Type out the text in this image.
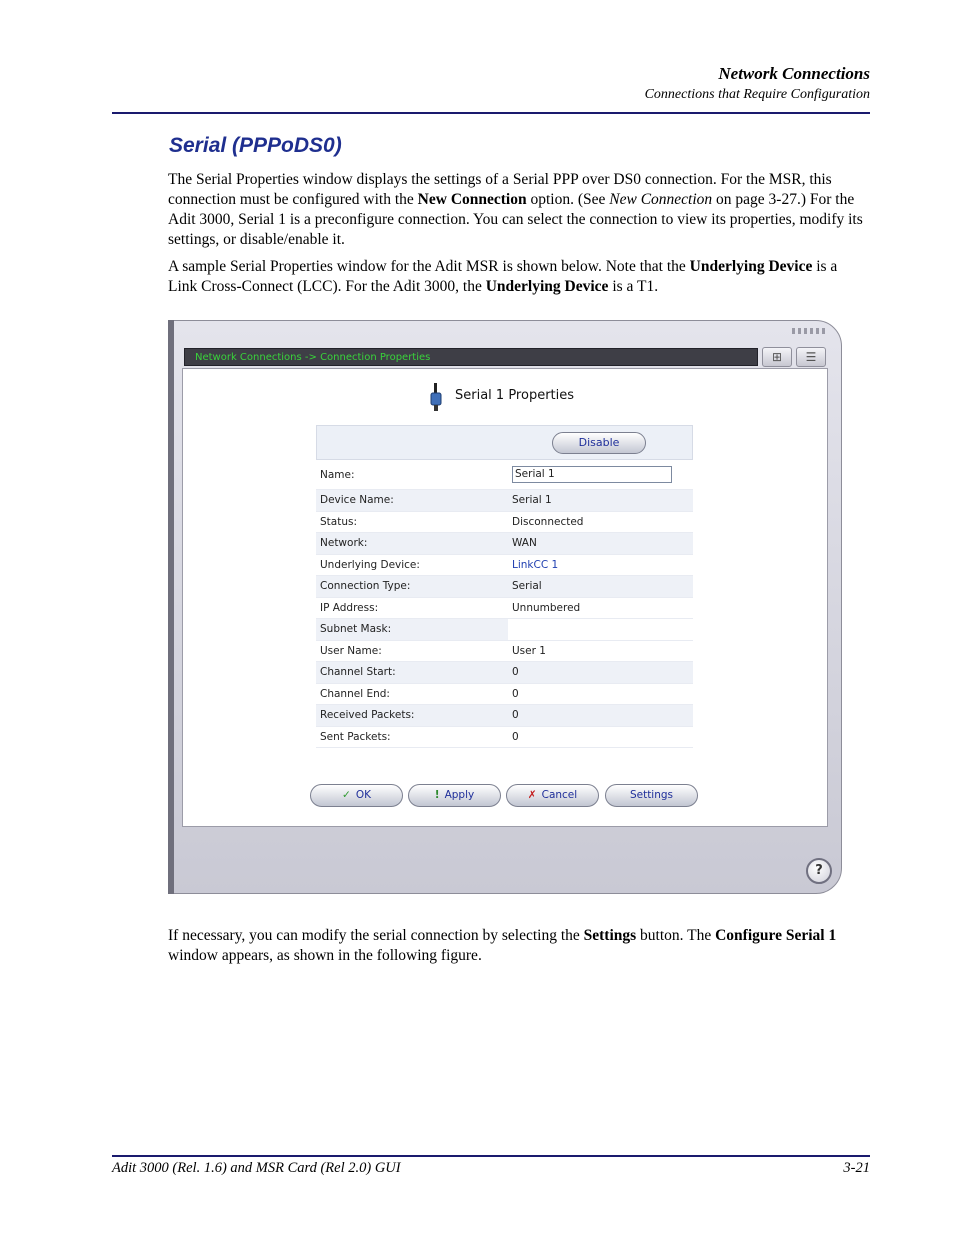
Network Connections
Connections that Require Configuration
Serial (PPPoDS0)
The Serial Properties window displays the settings of a Serial PPP over DS0 connection. For the MSR, this connection must be configured with the New Connection option. (See New Connection on page 3-27.) For the Adit 3000, Serial 1 is a preconfigure connection. You can select the connection to view its properties, modify its settings, or disable/enable it.
A sample Serial Properties window for the Adit MSR is shown below. Note that the Underlying Device is a Link Cross-Connect (LCC). For the Adit 3000, the Underlying Device is a T1.
Network Connections -> Connection Properties	⊞	☰
Serial 1 Properties
Disable
Name:	Serial 1
Device Name:	Serial 1
Status:	Disconnected
Network:	WAN
Underlying Device:	LinkCC 1
Connection Type:	Serial
IP Address:	Unnumbered
Subnet Mask:
User Name:	User 1
Channel Start:	0
Channel End:	0
Received Packets:	0
Sent Packets:	0
✓ OK	! Apply	✗ Cancel	Settings
?
If necessary, you can modify the serial connection by selecting the Settings button. The Configure Serial 1 window appears, as shown in the following figure.
Adit 3000 (Rel. 1.6) and MSR Card (Rel 2.0) GUI	3-21
